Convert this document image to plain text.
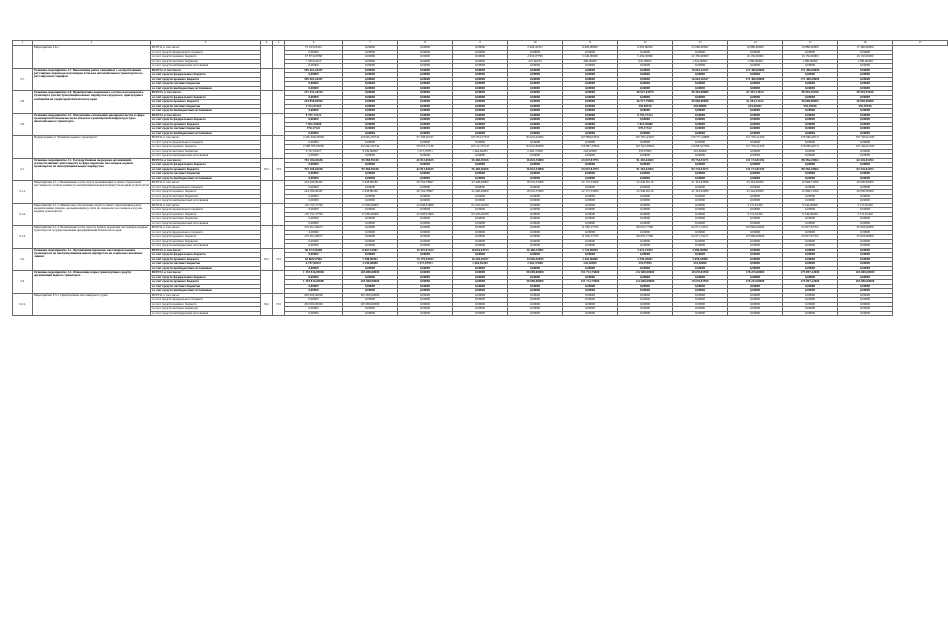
1	2	3	4	5	6	7	8	9	10	11	12	13	14	15	16	17
	Мероприятие 2.6.1	ВСЕГО, в том числе:			75 433,06191	0,00000	0,00000	0,00000	2 926,45351	6 000,00000	6 095,60956	23 660,00847	19 880,00000	19 880,00000	17 460,00000	
		за счет средств федерального бюджета			0,00000	0,00000	0,00000	0,00000	0,00000	0,00000	0,00000	0,00000	0,00000	0,00000	0,00000	
		за счет средств краевого бюджета			67 873,00768	0,00000	0,00000	0,00000	2 933,07799	5 640,00000	5 459,95996	22 350,00000	16 150,00000	16 150,00000	16 150,00000	
		за счет средств местных бюджетов			7 560,05423	0,00000	0,00000	0,00000	227,06433	360,00000	635,58955	1 310,00847	1 580,00000	1 580,00000	1 580,00000	
		за счет средств внебюджетных источников			0,00000	0,00000	0,00000	0,00000	0,00000	0,00000	0,00000	0,00000	0,00000	0,00000	0,00000	
2.7.	Основное мероприятие 2.7. Выполнение работ, связанных с осуществлением регулярных перевозок пассажиров и багажа автомобильным транспортом по регулируемым тарифам	ВСЕГО, в том числе:			599 463,26447	0,00000	0,00000	0,00000	0,00000	0,00000	0,00000	16 663,26447	271 400,00000	271 400,00000	0,00000	
		за счет средств федерального бюджета			0,00000	0,00000	0,00000	0,00000	0,00000	0,00000	0,00000	0,00000	0,00000	0,00000	0,00000	
		за счет средств краевого бюджета			599 463,26447	0,00000	0,00000	0,00000	0,00000	0,00000	0,00000	16 663,26447	271 400,00000	271 400,00000	0,00000	
		за счет средств местных бюджетов			0,00000	0,00000	0,00000	0,00000	0,00000	0,00000	0,00000	0,00000	0,00000	0,00000	0,00000	
		за счет средств внебюджетных источников			0,00000	0,00000	0,00000	0,00000	0,00000	0,00000	0,00000	0,00000	0,00000	0,00000	0,00000	
2.8.	Основное мероприятие 2.8. Приобретение подвижного состава пассажирского транспорта для внутримуниципальных маршрутов городского, пригородного сообщения на территории Камчатского края	ВСЕГО, в том числе:			257 431,44255	0,00000	0,00000	0,00000	0,00000	0,00000	46 927,64970	50 365,08080	61 991,13814	58 555,55556	58 555,55556	
		за счет средств федерального бюджета			0,00000	0,00000	0,00000	0,00000	0,00000	0,00000	0,00000	0,00000	0,00000	0,00000	0,00000	
		за счет средств краевого бюджета			254 858,89092	0,00000	0,00000	0,00000	0,00000	0,00000	46 577,79000	49 860,00000	61 681,31412	58 000,00000	58 000,00000	
		за счет средств местных бюджетов			2 572,55163	0,00000	0,00000	0,00000	0,00000	0,00000	349,85970	504,08080	619,82402	555,55556	555,55556	
		за счет средств внебюджетных источников			0,00000	0,00000	0,00000	0,00000	0,00000	0,00000	0,00000	0,00000	0,00000	0,00000	0,00000	
2.9.	Основное мероприятие 2.9. Обеспечение соблюдения законодательства в сфере транспортной безопасности на объектах транспортной инфраструктуры автомобильного транспорта	ВСЕГО, в том числе:			8 791,72322	0,00000	0,00000	0,00000	0,00000	0,00000	8 791,72322	0,00000	0,00000	0,00000	0,00000	
		за счет средств федерального бюджета			0,00000	0,00000	0,00000	0,00000	0,00000	0,00000	0,00000	0,00000	0,00000	0,00000	0,00000	
		за счет средств краевого бюджета			7 821,55000	0,00000	0,00000	0,00000	0,00000	0,00000	7 821,55000	0,00000	0,00000	0,00000	0,00000	
		за счет средств местных бюджетов			970,17322	0,00000	0,00000	0,00000	0,00000	0,00000	970,17322	0,00000	0,00000	0,00000	0,00000	
		за счет средств внебюджетных источников			0,00000	0,00000	0,00000	0,00000	0,00000	0,00000	0,00000	0,00000	0,00000	0,00000	0,00000	
	Подпрограмма 3 "Развитие водного транспорта"	ВСЕГО, в том числе:			2 295 496,65902	259 661,06742	57 328,36747	103 793,57352	83 652,92995	107 898,63052	367 955,43307	130 771,20880	317 376,41200	379 960,49711	337 326,01200	
		за счет средств федерального бюджета			0,00000	0,00000	0,00000	0,00000	0,00000	0,00000	0,00000	0,00000	0,00000	0,00000	0,00000	
		за счет средств краевого бюджета			2 288 785,95085	255 661,06742	56 053,17136	103 317,35147	83 652,69000	150 967,33840	367 622,36902	130 967,67380	317 376,41200	379 960,49711	337 326,01200	
		за счет средств местных бюджетов			6 747,00437	3 239,00000	1 317,07871	1 464,82205	2 463,37608	243,20969	333,97905	291,82000	0,00000	0,00000	0,00000	
		за счет средств внебюджетных источников			0,00000	0,00000	0,00000	0,00000	0,00000	0,00000	0,00000	0,00000	0,00000	0,00000	0,00000	
3.1.	Основное мероприятие 3.1. Государственная поддержка организаций, осуществляющих деятельность в сфере перевозок пассажиров водным транспортом по межмуниципальным маршрутам	ВСЕГО, в том числе:	815	723	792 106,02656	99 458,59240	42 813,69635	56 460,30106	16 823,53000	63 047,81793	91 302,63465	83 734,53271	131 172,81294	88 356,29964	64 226,81294	
		за счет средств федерального бюджета			0,00000	0,00000	0,00000	0,00000	0,00000	0,00000	0,00000	0,00000	0,00000	0,00000	0,00000	
		за счет средств краевого бюджета			792 106,02656	99 458,59240	42 813,69635	56 460,30106	16 823,53000	63 047,81793	91 302,63465	83 734,53271	131 172,81294	88 356,29964	64 226,81294	
		за счет средств местных бюджетов			0,00000	0,00000	0,00000	0,00000	0,00000	0,00000	0,00000	0,00000	0,00000	0,00000	0,00000	
		за счет средств внебюджетных источников			0,00000	0,00000	0,00000	0,00000	0,00000	0,00000	0,00000	0,00000	0,00000	0,00000	0,00000	
3.1.1.	Мероприятие 3.1.1. Возмещение части затрат, возникающих в связи с перевозкой пассажиров в летнем режиме по межмуниципальным маршрутам водным транспортом	ВСЕГО, в том числе:			224 599,00467	2 458,80186	20 764,78897	22 448,48000	18 032,55000	52 175,55000	22 946,65116	21 343,92998	23 344,00000	12 968,31956	29 000,00000	
		за счет средств федерального бюджета			0,00000	0,00000	0,00000	0,00000	0,00000	0,00000	0,00000	0,00000	0,00000	0,00000	0,00000	
		за счет средств краевого бюджета			224 599,00467	2 458,80186	20 764,78897	22 448,48000	18 032,55000	52 175,55000	22 946,65116	21 343,92998	23 344,00000	12 968,31956	29 000,00000	
		за счет средств местных бюджетов			0,00000	0,00000	0,00000	0,00000	0,00000	0,00000	0,00000	0,00000	0,00000	0,00000	0,00000	
		за счет средств внебюджетных источников			0,00000	0,00000	0,00000	0,00000	0,00000	0,00000	0,00000	0,00000	0,00000	0,00000	0,00000	
3.1.2.	Мероприятие 3.1.2. Финансовое обеспечение затрат в связи с выполнением работ юридическими лицами, оказывающими услуги по перевозке пассажиров и грузов водным транспортом	ВСЕГО, в том числе:			118 153,37799	17 000,00000	22 048,91800	63 220,46189	0,00000	0,00000	0,00000	0,00000	3 172,81200	9 546,00000	3 172,81200	
		за счет средств федерального бюджета			0,00000	0,00000	0,00000	0,00000	0,00000	0,00000	0,00000	0,00000	0,00000	0,00000	0,00000	
		за счет средств краевого бюджета			118 153,37799	17 000,00000	22 048,91800	63 220,46189	0,00000	0,00000	0,00000	0,00000	3 172,81200	9 546,00000	3 172,81200	
		за счет средств местных бюджетов			0,00000	0,00000	0,00000	0,00000	0,00000	0,00000	0,00000	0,00000	0,00000	0,00000	0,00000	
		за счет средств внебюджетных источников			0,00000	0,00000	0,00000	0,00000	0,00000	0,00000	0,00000	0,00000	0,00000	0,00000	0,00000	
3.1.3.	Мероприятие 3.1.3. Возмещение части затрат в рамках перевозки пассажиров водным транспортом государственными предприятиями Камчатского края	ВСЕГО, в том числе:			279 361,06675	0,00000	0,00000	0,00000	0,00000	11 665,37793	68 635,77381	62 671,76271	103 846,00000	63 827,87354	35 093,00000	
		за счет средств федерального бюджета			0,00000	0,00000	0,00000	0,00000	0,00000	0,00000	0,00000	0,00000	0,00000	0,00000	0,00000	
		за счет средств краевого бюджета			279 361,06675	0,00000	0,00000	0,00000	0,00000	11 665,37793	68 635,77381	62 671,76271	103 846,00000	63 827,87354	35 093,00000	
		за счет средств местных бюджетов			0,00000	0,00000	0,00000	0,00000	0,00000	0,00000	0,00000	0,00000	0,00000	0,00000	0,00000	
		за счет средств внебюджетных источников			0,00000	0,00000	0,00000	0,00000	0,00000	0,00000	0,00000	0,00000	0,00000	0,00000	0,00000	
3.2.	Основное мероприятие 3.2. Организация перевозок пассажиров водным транспортом по внутримуниципальным маршрутам на социально значимых линиях	ВСЕГО, в том числе:	815	723	69 573,96498	8 667,16962	14 497,01324	18 054,03153	16 460,32082	2 724,06699	3 672,15952	4 389,69000	0,00000	0,00000	0,00000	
		за счет средств федерального бюджета			0,00000	0,00000	0,00000	0,00000	0,00000	0,00000	0,00000	0,00000	0,00000	0,00000	0,00000	
		за счет средств краевого бюджета			62 868,57902	7 308,06962	13 179,93453	16 528,20947	14 696,95035	2 453,00000	3 339,20047	3 959,18000	0,00000	0,00000	0,00000	
		за счет средств местных бюджетов			6 747,00437	3 239,00000	1 317,07871	1 464,82205	2 463,37608	243,20969	333,97905	291,82000	0,00000	0,00000	0,00000	
		за счет средств внебюджетных источников			0,00000	0,00000	0,00000	0,00000	0,00000	0,00000	0,00000	0,00000	0,00000	0,00000	0,00000	
3.3.	Основное мероприятие 3.3. Обновление парка транспортных средств организаций водного транспорта	ВСЕГО, в том числе:			1 393 816,85006	265 000,00000	0,00000	0,00000	58 000,00000	151 712,75000	212 600,00000	10 670,81950	178 235,00000	275 097,22000	265 000,00000	
		за счет средств федерального бюджета			0,00000	0,00000	0,00000	0,00000	0,00000	0,00000	0,00000	0,00000	0,00000	0,00000	0,00000	
		за счет средств краевого бюджета			1 393 816,85006	265 000,00000	0,00000	0,00000	58 000,00000	151 712,75000	212 600,00000	10 670,81950	178 235,00000	275 097,22000	265 000,00000	
		за счет средств местных бюджетов			0,00000	0,00000	0,00000	0,00000	0,00000	0,00000	0,00000	0,00000	0,00000	0,00000	0,00000	
		за счет средств внебюджетных источников			0,00000	0,00000	0,00000	0,00000	0,00000	0,00000	0,00000	0,00000	0,00000	0,00000	0,00000	
3.3.1.	Мероприятие 3.3.1. Приобретение пассажирского судна	ВСЕГО, в том числе:	812	723	265 000,00000	265 000,00000	0,00000	0,00000	0,00000	0,00000	0,00000	0,00000	0,00000	0,00000	0,00000	
		за счет средств федерального бюджета			0,00000	0,00000	0,00000	0,00000	0,00000	0,00000	0,00000	0,00000	0,00000	0,00000	0,00000	
		за счет средств краевого бюджета			265 000,00000	265 000,00000	0,00000	0,00000	0,00000	0,00000	0,00000	0,00000	0,00000	0,00000	0,00000	
		за счет средств местных бюджетов			0,00000	0,00000	0,00000	0,00000	0,00000	0,00000	0,00000	0,00000	0,00000	0,00000	0,00000	
		за счет средств внебюджетных источников			0,00000	0,00000	0,00000	0,00000	0,00000	0,00000	0,00000	0,00000	0,00000	0,00000	0,00000	
